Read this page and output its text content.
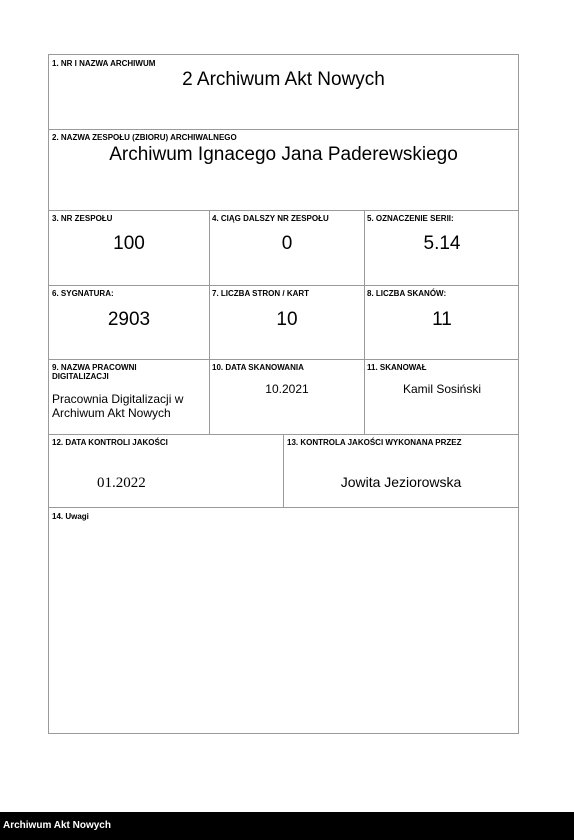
1. NR I NAZWA ARCHIWUM
2 Archiwum Akt Nowych
2. NAZWA ZESPOŁU (ZBIORU) ARCHIWALNEGO
Archiwum Ignacego Jana Paderewskiego
3. NR ZESPOŁU
100
4. CIĄG DALSZY NR ZESPOŁU
0
5. OZNACZENIE SERII:
5.14
6. SYGNATURA:
2903
7. LICZBA STRON / KART
10
8. LICZBA SKANÓW:
11
9. NAZWA PRACOWNI
DIGITALIZACJI
Pracownia Digitalizacji w
Archiwum Akt Nowych
10. DATA SKANOWANIA
10.2021
11. SKANOWAŁ
Kamil Sosiński
12. DATA KONTROLI JAKOŚCI
01.2022
13. KONTROLA JAKOŚCI WYKONANA PRZEZ
Jowita Jeziorowska
14. Uwagi
Archiwum Akt Nowych
